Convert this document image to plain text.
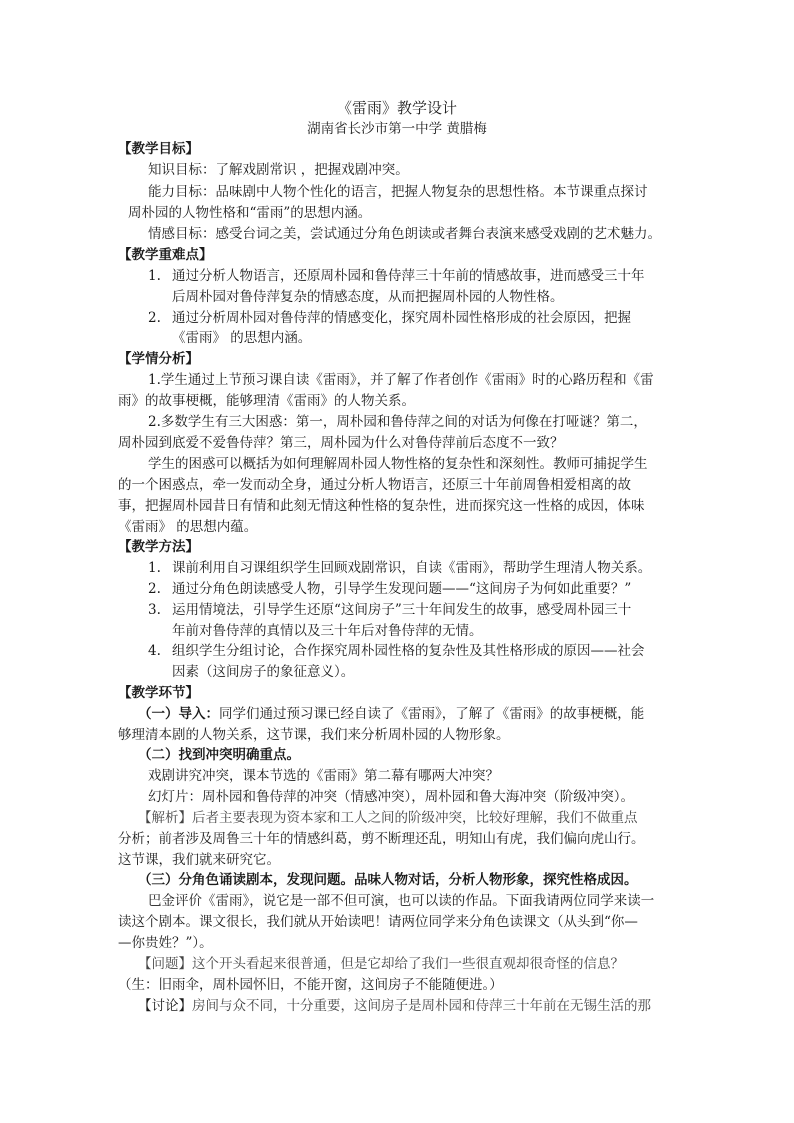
《雷雨》教学设计
湖南省长沙市第一中学 黄腊梅
【教学目标】
知识目标：了解戏剧常识 ，把握戏剧冲突。
能力目标：品味剧中人物个性化的语言，把握人物复杂的思想性格。本节课重点探讨
周朴园的人物性格和“雷雨”的思想内涵。
情感目标：感受台词之美，尝试通过分角色朗读或者舞台表演来感受戏剧的艺术魅力。
【教学重难点】
1. 通过分析人物语言，还原周朴园和鲁侍萍三十年前的情感故事，进而感受三十年
后周朴园对鲁侍萍复杂的情感态度，从而把握周朴园的人物性格。
2. 通过分析周朴园对鲁侍萍的情感变化，探究周朴园性格形成的社会原因，把握
《雷雨》 的思想内涵。
【学情分析】
1.学生通过上节预习课自读《雷雨》，并了解了作者创作《雷雨》时的心路历程和《雷
雨》的故事梗概，能够理清《雷雨》的人物关系。
2.多数学生有三大困惑：第一，周朴园和鲁侍萍之间的对话为何像在打哑谜？第二，
周朴园到底爱不爱鲁侍萍？第三，周朴园为什么对鲁侍萍前后态度不一致？
学生的困惑可以概括为如何理解周朴园人物性格的复杂性和深刻性。教师可捕捉学生
的一个困惑点，牵一发而动全身，通过分析人物语言，还原三十年前周鲁相爱相离的故
事，把握周朴园昔日有情和此刻无情这种性格的复杂性，进而探究这一性格的成因，体味
《雷雨》 的思想内蕴。
【教学方法】
1. 课前利用自习课组织学生回顾戏剧常识，自读《雷雨》，帮助学生理清人物关系。
2. 通过分角色朗读感受人物，引导学生发现问题——“这间房子为何如此重要？”
3. 运用情境法，引导学生还原“这间房子”三十年间发生的故事，感受周朴园三十
年前对鲁侍萍的真情以及三十年后对鲁侍萍的无情。
4. 组织学生分组讨论，合作探究周朴园性格的复杂性及其性格形成的原因——社会
因素（这间房子的象征意义）。
【教学环节】
（一）导入：同学们通过预习课已经自读了《雷雨》，了解了《雷雨》的故事梗概，能
够理清本剧的人物关系，这节课，我们来分析周朴园的人物形象。
（二）找到冲突明确重点。
戏剧讲究冲突，课本节选的《雷雨》第二幕有哪两大冲突？
幻灯片：周朴园和鲁侍萍的冲突（情感冲突），周朴园和鲁大海冲突（阶级冲突）。
【解析】后者主要表现为资本家和工人之间的阶级冲突，比较好理解，我们不做重点
分析；前者涉及周鲁三十年的情感纠葛，剪不断理还乱，明知山有虎，我们偏向虎山行。
这节课，我们就来研究它。
（三）分角色诵读剧本，发现问题。品味人物对话，分析人物形象，探究性格成因。
巴金评价《雷雨》，说它是一部不但可演，也可以读的作品。下面我请两位同学来读一
读这个剧本。课文很长，我们就从开始读吧！请两位同学来分角色读课文（从头到“你—
—你贵姓？”）。
【问题】这个开头看起来很普通，但是它却给了我们一些很直观却很奇怪的信息？
（生：旧雨伞，周朴园怀旧，不能开窗，这间房子不能随便进。）
【讨论】房间与众不同，十分重要，这间房子是周朴园和侍萍三十年前在无锡生活的那
